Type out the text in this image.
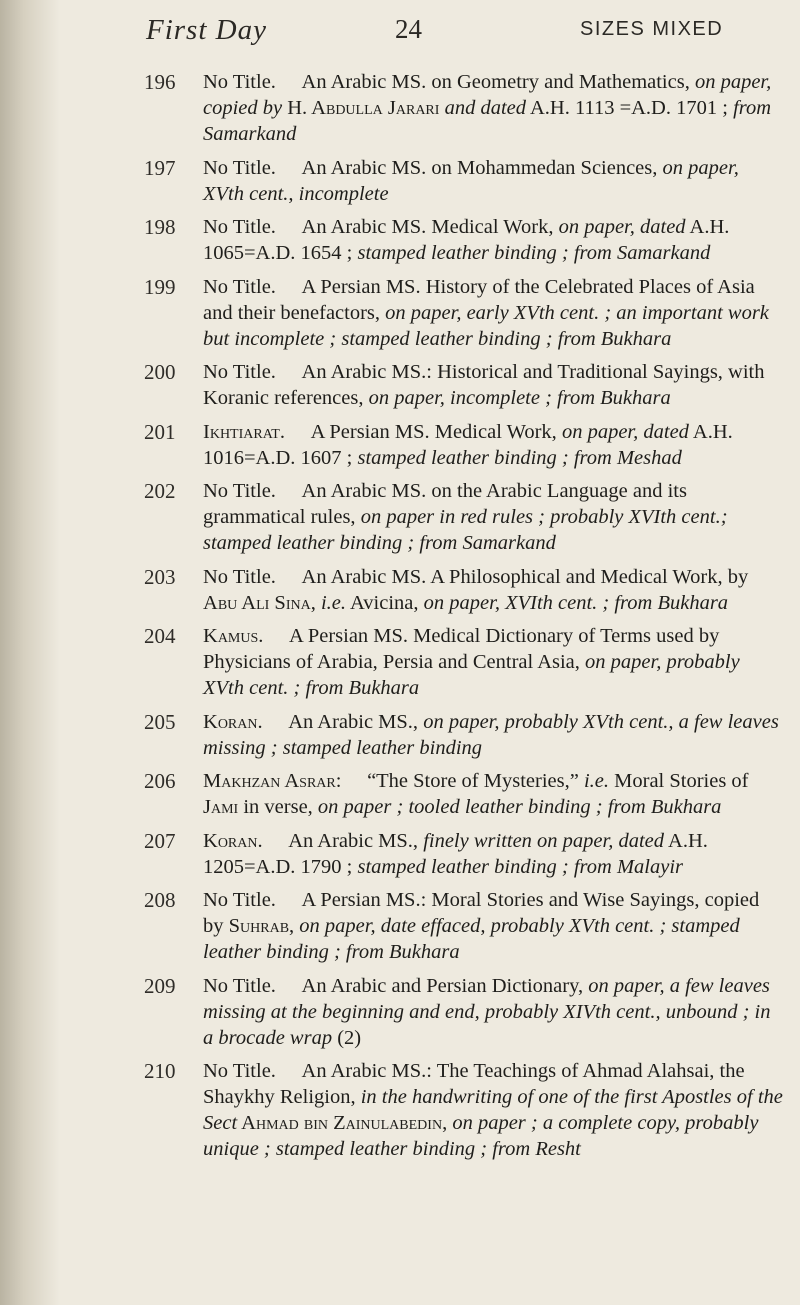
First Day	24	SIZES MIXED
196	No Title.  An Arabic MS. on Geometry and Mathematics, on paper, copied by H. Abdulla Jarari and dated A.H. 1113 =A.D. 1701 ; from Samarkand
197	No Title.  An Arabic MS. on Mohammedan Sciences, on paper, XVth cent., incomplete
198	No Title.  An Arabic MS. Medical Work, on paper, dated A.H. 1065=A.D. 1654 ; stamped leather binding ; from Samarkand
199	No Title.  A Persian MS. History of the Celebrated Places of Asia and their benefactors, on paper, early XVth cent. ; an important work but incomplete ; stamped leather binding ; from Bukhara
200	No Title.  An Arabic MS.: Historical and Traditional Sayings, with Koranic references, on paper, incomplete ; from Bukhara
201	Ikhtiarat.  A Persian MS. Medical Work, on paper, dated A.H. 1016=A.D. 1607 ; stamped leather binding ; from Meshad
202	No Title.  An Arabic MS. on the Arabic Language and its grammatical rules, on paper in red rules ; probably XVIth cent.; stamped leather binding ; from Samarkand
203	No Title.  An Arabic MS. A Philosophical and Medical Work, by Abu Ali Sina, i.e. Avicina, on paper, XVIth cent. ; from Bukhara
204	Kamus.  A Persian MS. Medical Dictionary of Terms used by Physicians of Arabia, Persia and Central Asia, on paper, probably XVth cent. ; from Bukhara
205	Koran.  An Arabic MS., on paper, probably XVth cent., a few leaves missing ; stamped leather binding
206	Makhzan Asrar:  “The Store of Mysteries,” i.e. Moral Stories of Jami in verse, on paper ; tooled leather binding ; from Bukhara
207	Koran.  An Arabic MS., finely written on paper, dated A.H. 1205=A.D. 1790 ; stamped leather binding ; from Malayir
208	No Title.  A Persian MS.: Moral Stories and Wise Sayings, copied by Suhrab, on paper, date effaced, probably XVth cent. ; stamped leather binding ; from Bukhara
209	No Title.  An Arabic and Persian Dictionary, on paper, a few leaves missing at the beginning and end, probably XIVth cent., unbound ; in a brocade wrap (2)
210	No Title.  An Arabic MS.: The Teachings of Ahmad Alahsai, the Shaykhy Religion, in the handwriting of one of the first Apostles of the Sect Ahmad bin Zainulabedin, on paper ; a complete copy, probably unique ; stamped leather binding ; from Resht
